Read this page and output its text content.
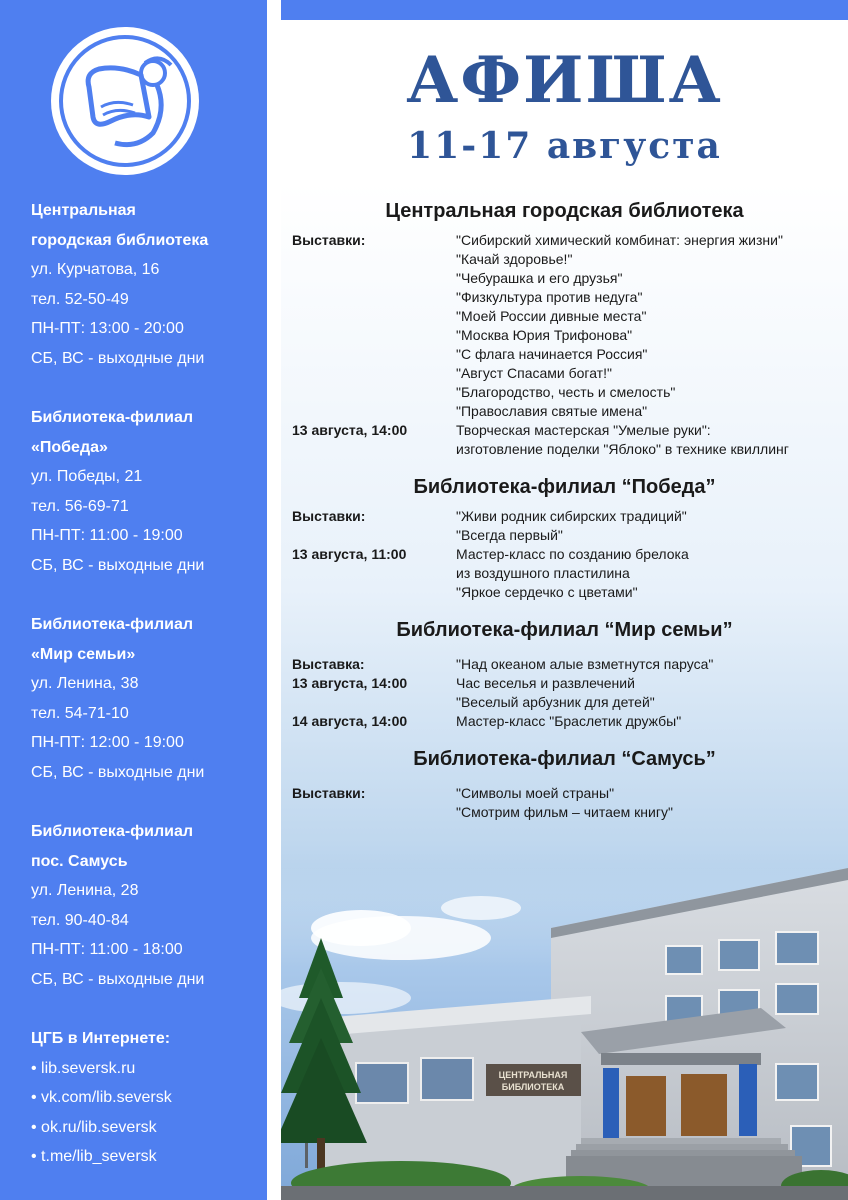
Центральная
городская библиотека
ул. Курчатова, 16
тел. 52-50-49
ПН-ПТ: 13:00 - 20:00
СБ, ВС - выходные дни
Библиотека-филиал
«Победа»
ул. Победы, 21
тел. 56-69-71
ПН-ПТ: 11:00 - 19:00
СБ, ВС - выходные дни
Библиотека-филиал
«Мир семьи»
ул. Ленина, 38
тел. 54-71-10
ПН-ПТ: 12:00 - 19:00
СБ, ВС - выходные дни
Библиотека-филиал
пос. Самусь
ул. Ленина, 28
тел. 90-40-84
ПН-ПТ: 11:00 - 18:00
СБ, ВС - выходные дни
ЦГБ в Интернете:
• lib.seversk.ru
• vk.com/lib.seversk
• ok.ru/lib.seversk
• t.me/lib_seversk
АФИША
11-17 августа
Центральная городская библиотека
Выставки:	"Сибирский химический комбинат: энергия жизни"
"Качай здоровье!"
"Чебурашка и его друзья"
"Физкультура против недуга"
"Моей России дивные места"
"Москва Юрия Трифонова"
"С флага начинается Россия"
"Август Спасами богат!"
"Благородство, честь и смелость"
"Православия святые имена"
13 августа, 14:00	Творческая мастерская "Умелые руки":
изготовление поделки "Яблоко" в технике квиллинг
Библиотека-филиал “Победа”
Выставки:	"Живи родник сибирских традиций"
"Всегда первый"
13 августа, 11:00	Мастер-класс по созданию брелока
из воздушного пластилина
"Яркое сердечко с цветами"
Библиотека-филиал “Мир семьи”
Выставка:	"Над океаном алые взметнутся паруса"
13 августа, 14:00	Час веселья и развлечений
"Веселый арбузник для детей"
14 августа, 14:00	Мастер-класс "Браслетик дружбы"
Библиотека-филиал “Самусь”
Выставки:	"Символы моей страны"
"Смотрим фильм – читаем книгу"
ЦЕНТРАЛЬНАЯ
БИБЛИОТЕКА
